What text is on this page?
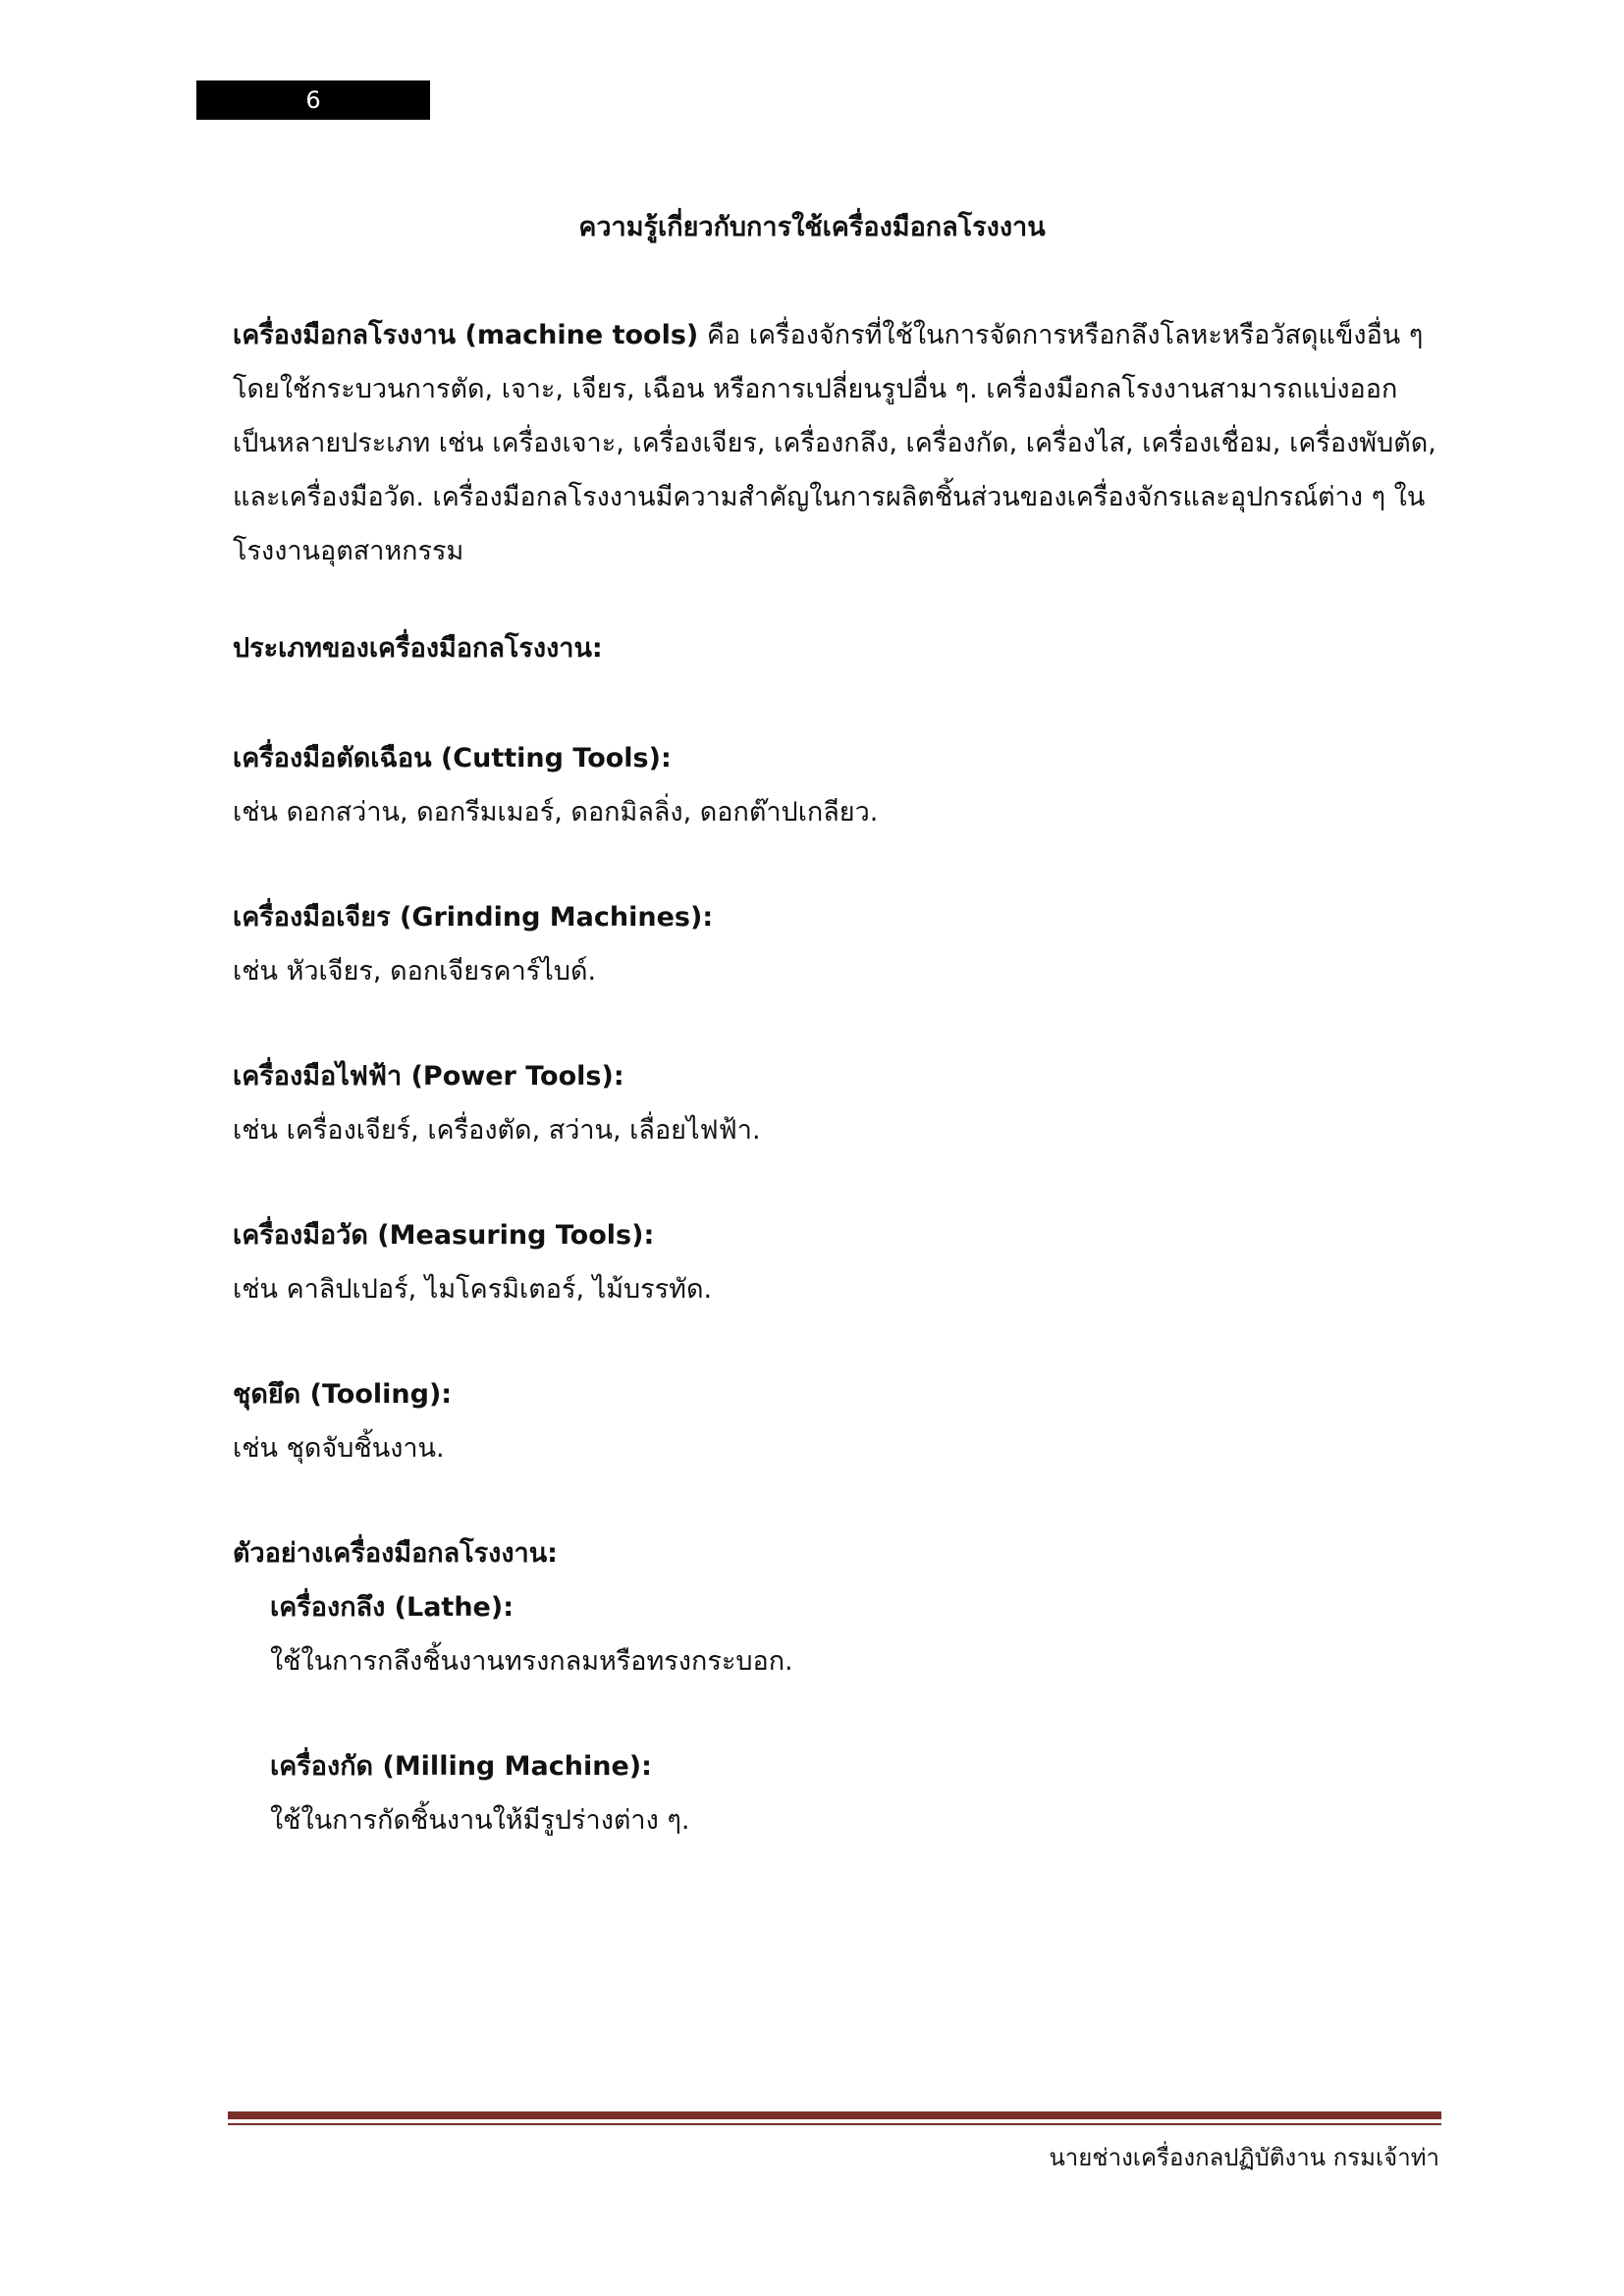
6
ความรู้เกี่ยวกับการใช้เครื่องมือกลโรงงาน

เครื่องมือกลโรงงาน (machine tools) คือ เครื่องจักรที่ใช้ในการจัดการหรือกลึงโลหะหรือวัสดุแข็งอื่น ๆ โดยใช้กระบวนการตัด, เจาะ, เจียร, เฉือน หรือการเปลี่ยนรูปอื่น ๆ. เครื่องมือกลโรงงานสามารถแบ่งออกเป็นหลายประเภท เช่น เครื่องเจาะ, เครื่องเจียร, เครื่องกลึง, เครื่องกัด, เครื่องไส, เครื่องเชื่อม, เครื่องพับตัด, และเครื่องมือวัด. เครื่องมือกลโรงงานมีความสำคัญในการผลิตชิ้นส่วนของเครื่องจักรและอุปกรณ์ต่าง ๆ ในโรงงานอุตสาหกรรม

ประเภทของเครื่องมือกลโรงงาน:
เครื่องมือตัดเฉือน (Cutting Tools):
เช่น ดอกสว่าน, ดอกรีมเมอร์, ดอกมิลลิ่ง, ดอกต๊าปเกลียว.
เครื่องมือเจียร (Grinding Machines):
เช่น หัวเจียร, ดอกเจียรคาร์ไบด์.
เครื่องมือไฟฟ้า (Power Tools):
เช่น เครื่องเจียร์, เครื่องตัด, สว่าน, เลื่อยไฟฟ้า.
เครื่องมือวัด (Measuring Tools):
เช่น คาลิปเปอร์, ไมโครมิเตอร์, ไม้บรรทัด.
ชุดยึด (Tooling):
เช่น ชุดจับชิ้นงาน.
ตัวอย่างเครื่องมือกลโรงงาน:
เครื่องกลึง (Lathe):
ใช้ในการกลึงชิ้นงานทรงกลมหรือทรงกระบอก.
เครื่องกัด (Milling Machine):
ใช้ในการกัดชิ้นงานให้มีรูปร่างต่าง ๆ.
นายช่างเครื่องกลปฏิบัติงาน กรมเจ้าท่า
